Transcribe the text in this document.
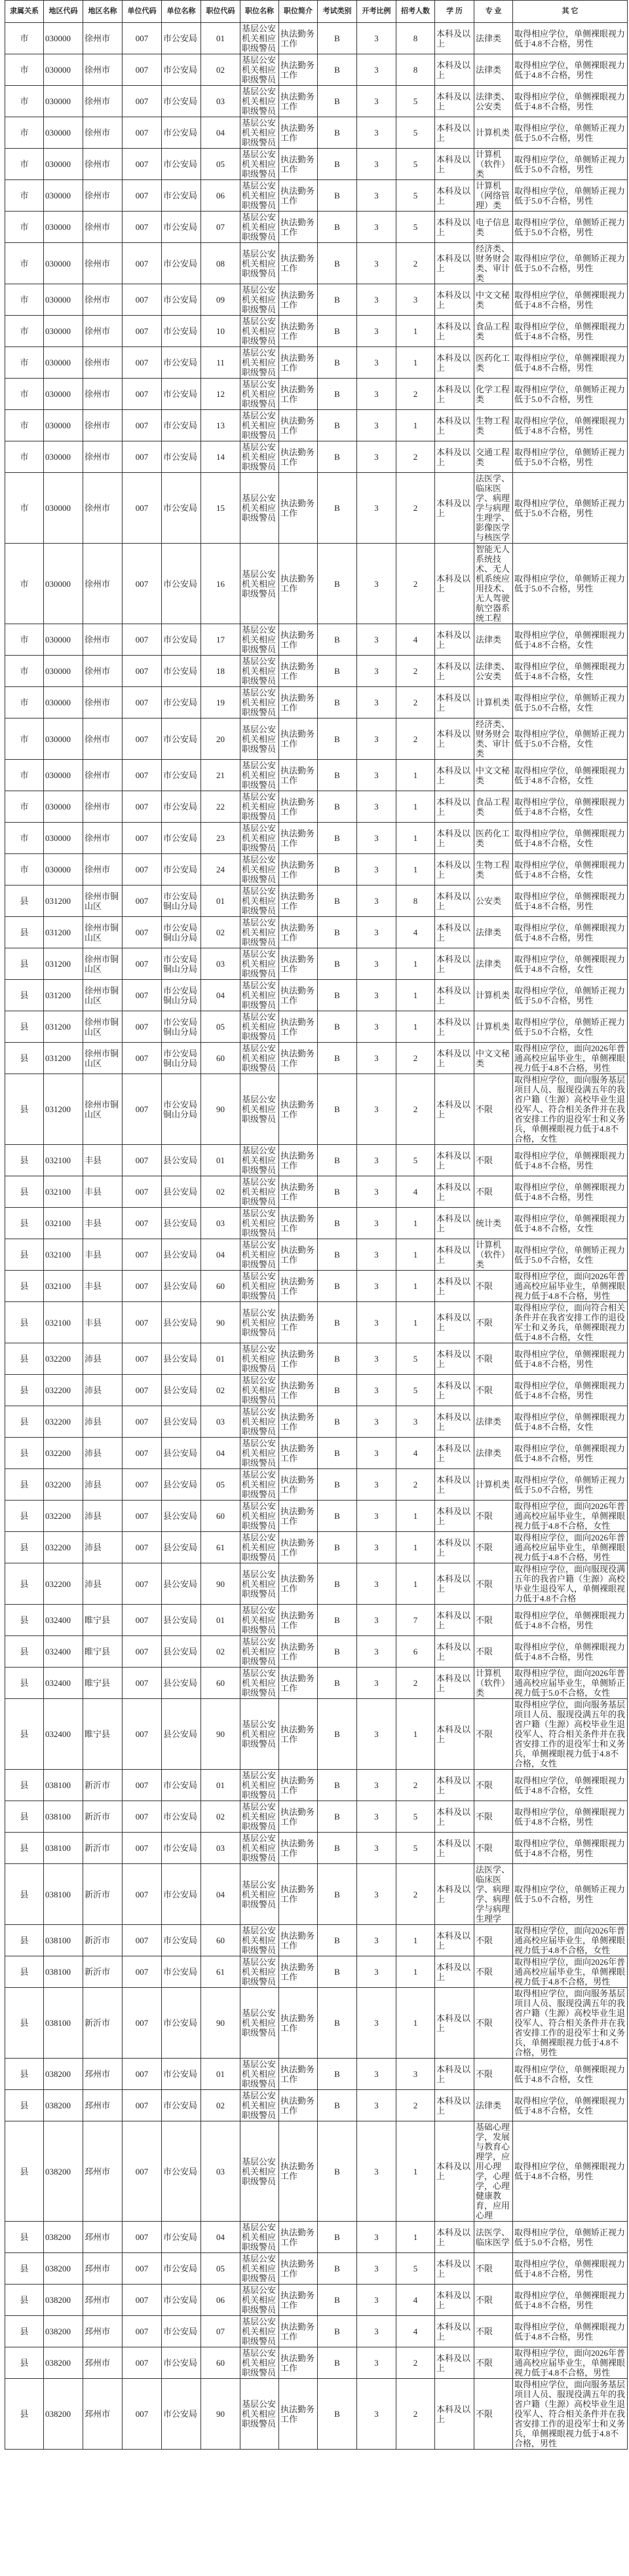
隶属关系	地区代码	地区名称	单位代码	单位名称	职位代码	职位名称	职位简介	考试类别	开考比例	招考人数	学 历	专 业	其 它
市	030000	徐州市	007	市公安局	01	基层公安机关相应职级警员	执法勤务工作	B	3	8	本科及以上	法律类	取得相应学位，单侧裸眼视力低于4.8不合格，男性
市	030000	徐州市	007	市公安局	02	基层公安机关相应职级警员	执法勤务工作	B	3	8	本科及以上	法律类	取得相应学位，单侧裸眼视力低于4.8不合格，男性
市	030000	徐州市	007	市公安局	03	基层公安机关相应职级警员	执法勤务工作	B	3	5	本科及以上	法律类、公安类	取得相应学位，单侧裸眼视力低于4.8不合格，男性
市	030000	徐州市	007	市公安局	04	基层公安机关相应职级警员	执法勤务工作	B	3	5	本科及以上	计算机类	取得相应学位，单侧矫正视力低于5.0不合格，男性
市	030000	徐州市	007	市公安局	05	基层公安机关相应职级警员	执法勤务工作	B	3	5	本科及以上	计算机（软件）类	取得相应学位，单侧矫正视力低于5.0不合格，男性
市	030000	徐州市	007	市公安局	06	基层公安机关相应职级警员	执法勤务工作	B	3	5	本科及以上	计算机（网络管理）类	取得相应学位，单侧矫正视力低于5.0不合格，男性
市	030000	徐州市	007	市公安局	07	基层公安机关相应职级警员	执法勤务工作	B	3	5	本科及以上	电子信息类	取得相应学位，单侧矫正视力低于5.0不合格，男性
市	030000	徐州市	007	市公安局	08	基层公安机关相应职级警员	执法勤务工作	B	3	2	本科及以上	经济类、财务财会类、审计类	取得相应学位，单侧矫正视力低于5.0不合格，男性
市	030000	徐州市	007	市公安局	09	基层公安机关相应职级警员	执法勤务工作	B	3	3	本科及以上	中文文秘类	取得相应学位，单侧裸眼视力低于4.8不合格，男性
市	030000	徐州市	007	市公安局	10	基层公安机关相应职级警员	执法勤务工作	B	3	1	本科及以上	食品工程类	取得相应学位，单侧裸眼视力低于4.8不合格，男性
市	030000	徐州市	007	市公安局	11	基层公安机关相应职级警员	执法勤务工作	B	3	1	本科及以上	医药化工类	取得相应学位，单侧裸眼视力低于4.8不合格，男性
市	030000	徐州市	007	市公安局	12	基层公安机关相应职级警员	执法勤务工作	B	3	2	本科及以上	化学工程类	取得相应学位，单侧矫正视力低于5.0不合格，男性
市	030000	徐州市	007	市公安局	13	基层公安机关相应职级警员	执法勤务工作	B	3	1	本科及以上	生物工程类	取得相应学位，单侧裸眼视力低于4.8不合格，男性
市	030000	徐州市	007	市公安局	14	基层公安机关相应职级警员	执法勤务工作	B	3	2	本科及以上	交通工程类	取得相应学位，单侧矫正视力低于5.0不合格，男性
市	030000	徐州市	007	市公安局	15	基层公安机关相应职级警员	执法勤务工作	B	3	2	本科及以上	法医学、临床医学、病理学与病理生理学、影像医学与核医学	取得相应学位，单侧矫正视力低于5.0不合格，男性
市	030000	徐州市	007	市公安局	16	基层公安机关相应职级警员	执法勤务工作	B	3	2	本科及以上	智能无人系统技术、无人机系统应用技术、无人驾驶航空器系统工程	取得相应学位，单侧矫正视力低于5.0不合格，男性
市	030000	徐州市	007	市公安局	17	基层公安机关相应职级警员	执法勤务工作	B	3	4	本科及以上	法律类	取得相应学位，单侧裸眼视力低于4.8不合格，女性
市	030000	徐州市	007	市公安局	18	基层公安机关相应职级警员	执法勤务工作	B	3	2	本科及以上	法律类、公安类	取得相应学位，单侧裸眼视力低于4.8不合格，女性
市	030000	徐州市	007	市公安局	19	基层公安机关相应职级警员	执法勤务工作	B	3	2	本科及以上	计算机类	取得相应学位，单侧矫正视力低于5.0不合格，女性
市	030000	徐州市	007	市公安局	20	基层公安机关相应职级警员	执法勤务工作	B	3	2	本科及以上	经济类、财务财会类、审计类	取得相应学位，单侧矫正视力低于5.0不合格，女性
市	030000	徐州市	007	市公安局	21	基层公安机关相应职级警员	执法勤务工作	B	3	1	本科及以上	中文文秘类	取得相应学位，单侧裸眼视力低于4.8不合格，女性
市	030000	徐州市	007	市公安局	22	基层公安机关相应职级警员	执法勤务工作	B	3	1	本科及以上	食品工程类	取得相应学位，单侧裸眼视力低于4.8不合格，女性
市	030000	徐州市	007	市公安局	23	基层公安机关相应职级警员	执法勤务工作	B	3	1	本科及以上	医药化工类	取得相应学位，单侧裸眼视力低于4.8不合格，女性
市	030000	徐州市	007	市公安局	24	基层公安机关相应职级警员	执法勤务工作	B	3	1	本科及以上	生物工程类	取得相应学位，单侧裸眼视力低于4.8不合格，女性
县	031200	徐州市铜山区	007	市公安局铜山分局	01	基层公安机关相应职级警员	执法勤务工作	B	3	8	本科及以上	公安类	取得相应学位，单侧裸眼视力低于4.8不合格，男性
县	031200	徐州市铜山区	007	市公安局铜山分局	02	基层公安机关相应职级警员	执法勤务工作	B	3	4	本科及以上	法律类	取得相应学位，单侧裸眼视力低于4.8不合格，男性
县	031200	徐州市铜山区	007	市公安局铜山分局	03	基层公安机关相应职级警员	执法勤务工作	B	3	1	本科及以上	法律类	取得相应学位，单侧裸眼视力低于4.8不合格，女性
县	031200	徐州市铜山区	007	市公安局铜山分局	04	基层公安机关相应职级警员	执法勤务工作	B	3	1	本科及以上	计算机类	取得相应学位，单侧矫正视力低于5.0不合格，男性
县	031200	徐州市铜山区	007	市公安局铜山分局	05	基层公安机关相应职级警员	执法勤务工作	B	3	1	本科及以上	计算机类	取得相应学位，单侧矫正视力低于5.0不合格，女性
县	031200	徐州市铜山区	007	市公安局铜山分局	60	基层公安机关相应职级警员	执法勤务工作	B	3	2	本科及以上	中文文秘类	取得相应学位，面向2026年普通高校应届毕业生，单侧裸眼视力低于4.8不合格，男性
县	031200	徐州市铜山区	007	市公安局铜山分局	90	基层公安机关相应职级警员	执法勤务工作	B	3	2	本科及以上	不限	取得相应学位，面向服务基层项目人员、服现役满五年的我省户籍（生源）高校毕业生退役军人、符合相关条件并在我省安排工作的退役军士和义务兵，单侧裸眼视力低于4.8不合格，女性
县	032100	丰县	007	县公安局	01	基层公安机关相应职级警员	执法勤务工作	B	3	5	本科及以上	不限	取得相应学位，单侧裸眼视力低于4.8不合格，男性
县	032100	丰县	007	县公安局	02	基层公安机关相应职级警员	执法勤务工作	B	3	4	本科及以上	不限	取得相应学位，单侧裸眼视力低于4.8不合格，男性
县	032100	丰县	007	县公安局	03	基层公安机关相应职级警员	执法勤务工作	B	3	1	本科及以上	统计类	取得相应学位，单侧裸眼视力低于4.8不合格，女性
县	032100	丰县	007	县公安局	04	基层公安机关相应职级警员	执法勤务工作	B	3	1	本科及以上	计算机（软件）类	取得相应学位，单侧矫正视力低于5.0不合格，女性
县	032100	丰县	007	县公安局	60	基层公安机关相应职级警员	执法勤务工作	B	3	1	本科及以上	不限	取得相应学位，面向2026年普通高校应届毕业生，单侧裸眼视力低于4.8不合格，男性
县	032100	丰县	007	县公安局	90	基层公安机关相应职级警员	执法勤务工作	B	3	1	本科及以上	不限	取得相应学位，面向符合相关条件并在我省安排工作的退役军士和义务兵，单侧裸眼视力低于4.8不合格，女性
县	032200	沛县	007	县公安局	01	基层公安机关相应职级警员	执法勤务工作	B	3	5	本科及以上	不限	取得相应学位，单侧裸眼视力低于4.8不合格，男性
县	032200	沛县	007	县公安局	02	基层公安机关相应职级警员	执法勤务工作	B	3	5	本科及以上	不限	取得相应学位，单侧裸眼视力低于4.8不合格，男性
县	032200	沛县	007	县公安局	03	基层公安机关相应职级警员	执法勤务工作	B	3	3	本科及以上	法律类	取得相应学位，单侧裸眼视力低于4.8不合格，女性
县	032200	沛县	007	县公安局	04	基层公安机关相应职级警员	执法勤务工作	B	3	4	本科及以上	法律类	取得相应学位，单侧裸眼视力低于4.8不合格，男性
县	032200	沛县	007	县公安局	05	基层公安机关相应职级警员	执法勤务工作	B	3	2	本科及以上	计算机类	取得相应学位，单侧矫正视力低于5.0不合格，男性
县	032200	沛县	007	县公安局	60	基层公安机关相应职级警员	执法勤务工作	B	3	1	本科及以上	不限	取得相应学位，面向2026年普通高校应届毕业生，单侧裸眼视力低于4.8不合格，女性
县	032200	沛县	007	县公安局	61	基层公安机关相应职级警员	执法勤务工作	B	3	1	本科及以上	不限	取得相应学位，面向2026年普通高校应届毕业生，单侧裸眼视力低于4.8不合格，男性
县	032200	沛县	007	县公安局	90	基层公安机关相应职级警员	执法勤务工作	B	3	1	本科及以上	不限	取得相应学位，面向服现役满五年的我省户籍（生源）高校毕业生退役军人，单侧裸眼视力低于4.8不合格
县	032400	睢宁县	007	县公安局	01	基层公安机关相应职级警员	执法勤务工作	B	3	7	本科及以上	不限	取得相应学位，单侧裸眼视力低于4.8不合格，男性
县	032400	睢宁县	007	县公安局	02	基层公安机关相应职级警员	执法勤务工作	B	3	6	本科及以上	不限	取得相应学位，单侧裸眼视力低于4.8不合格，男性
县	032400	睢宁县	007	县公安局	60	基层公安机关相应职级警员	执法勤务工作	B	3	2	本科及以上	计算机（软件）类	取得相应学位，面向2026年普通高校应届毕业生，单侧矫正视力低于5.0不合格，女性
县	032400	睢宁县	007	县公安局	90	基层公安机关相应职级警员	执法勤务工作	B	3	1	本科及以上	不限	取得相应学位，面向服务基层项目人员、服现役满五年的我省户籍（生源）高校毕业生退役军人、符合相关条件并在我省安排工作的退役军士和义务兵，单侧裸眼视力低于4.8不合格，女性
县	038100	新沂市	007	市公安局	01	基层公安机关相应职级警员	执法勤务工作	B	3	2	本科及以上	不限	取得相应学位，单侧裸眼视力低于4.8不合格，女性
县	038100	新沂市	007	市公安局	02	基层公安机关相应职级警员	执法勤务工作	B	3	5	本科及以上	不限	取得相应学位，单侧裸眼视力低于4.8不合格，男性
县	038100	新沂市	007	市公安局	03	基层公安机关相应职级警员	执法勤务工作	B	3	5	本科及以上	不限	取得相应学位，单侧裸眼视力低于4.8不合格，男性
县	038100	新沂市	007	市公安局	04	基层公安机关相应职级警员	执法勤务工作	B	3	2	本科及以上	法医学、临床医学、病理学、病理学与病理生理学	取得相应学位，单侧矫正视力低于5.0不合格，男性
县	038100	新沂市	007	市公安局	60	基层公安机关相应职级警员	执法勤务工作	B	3	1	本科及以上	不限	取得相应学位，面向2026年普通高校应届毕业生，单侧裸眼视力低于4.8不合格，女性
县	038100	新沂市	007	市公安局	61	基层公安机关相应职级警员	执法勤务工作	B	3	1	本科及以上	不限	取得相应学位，面向2026年普通高校应届毕业生，单侧裸眼视力低于4.8不合格，男性
县	038100	新沂市	007	市公安局	90	基层公安机关相应职级警员	执法勤务工作	B	3	1	本科及以上	不限	取得相应学位，面向服务基层项目人员、服现役满五年的我省户籍（生源）高校毕业生退役军人、符合相关条件并在我省安排工作的退役军士和义务兵，单侧裸眼视力低于4.8不合格，男性
县	038200	邳州市	007	市公安局	01	基层公安机关相应职级警员	执法勤务工作	B	3	3	本科及以上	不限	取得相应学位，单侧裸眼视力低于4.8不合格，女性
县	038200	邳州市	007	市公安局	02	基层公安机关相应职级警员	执法勤务工作	B	3	2	本科及以上	法律类	取得相应学位，单侧裸眼视力低于4.8不合格，女性
县	038200	邳州市	007	市公安局	03	基层公安机关相应职级警员	执法勤务工作	B	3	1	本科及以上	基础心理学，发展与教育心理学，应用心理学，心理学，心理健康教育，应用心理	取得相应学位，单侧裸眼视力低于4.8不合格，男性
县	038200	邳州市	007	市公安局	04	基层公安机关相应职级警员	执法勤务工作	B	3	1	本科及以上	法医学、临床医学	取得相应学位，单侧矫正视力低于5.0不合格，男性
县	038200	邳州市	007	市公安局	05	基层公安机关相应职级警员	执法勤务工作	B	3	5	本科及以上	不限	取得相应学位，单侧裸眼视力低于4.8不合格，男性
县	038200	邳州市	007	市公安局	06	基层公安机关相应职级警员	执法勤务工作	B	3	4	本科及以上	不限	取得相应学位，单侧裸眼视力低于4.8不合格，男性
县	038200	邳州市	007	市公安局	07	基层公安机关相应职级警员	执法勤务工作	B	3	4	本科及以上	不限	取得相应学位，单侧裸眼视力低于4.8不合格，男性
县	038200	邳州市	007	市公安局	60	基层公安机关相应职级警员	执法勤务工作	B	3	2	本科及以上	不限	取得相应学位，面向2026年普通高校应届毕业生，单侧裸眼视力低于4.8不合格，男性
县	038200	邳州市	007	市公安局	90	基层公安机关相应职级警员	执法勤务工作	B	3	2	本科及以上	不限	取得相应学位，面向服务基层项目人员、服现役满五年的我省户籍（生源）高校毕业生退役军人、符合相关条件并在我省安排工作的退役军士和义务兵，单侧裸眼视力低于4.8不合格，男性
